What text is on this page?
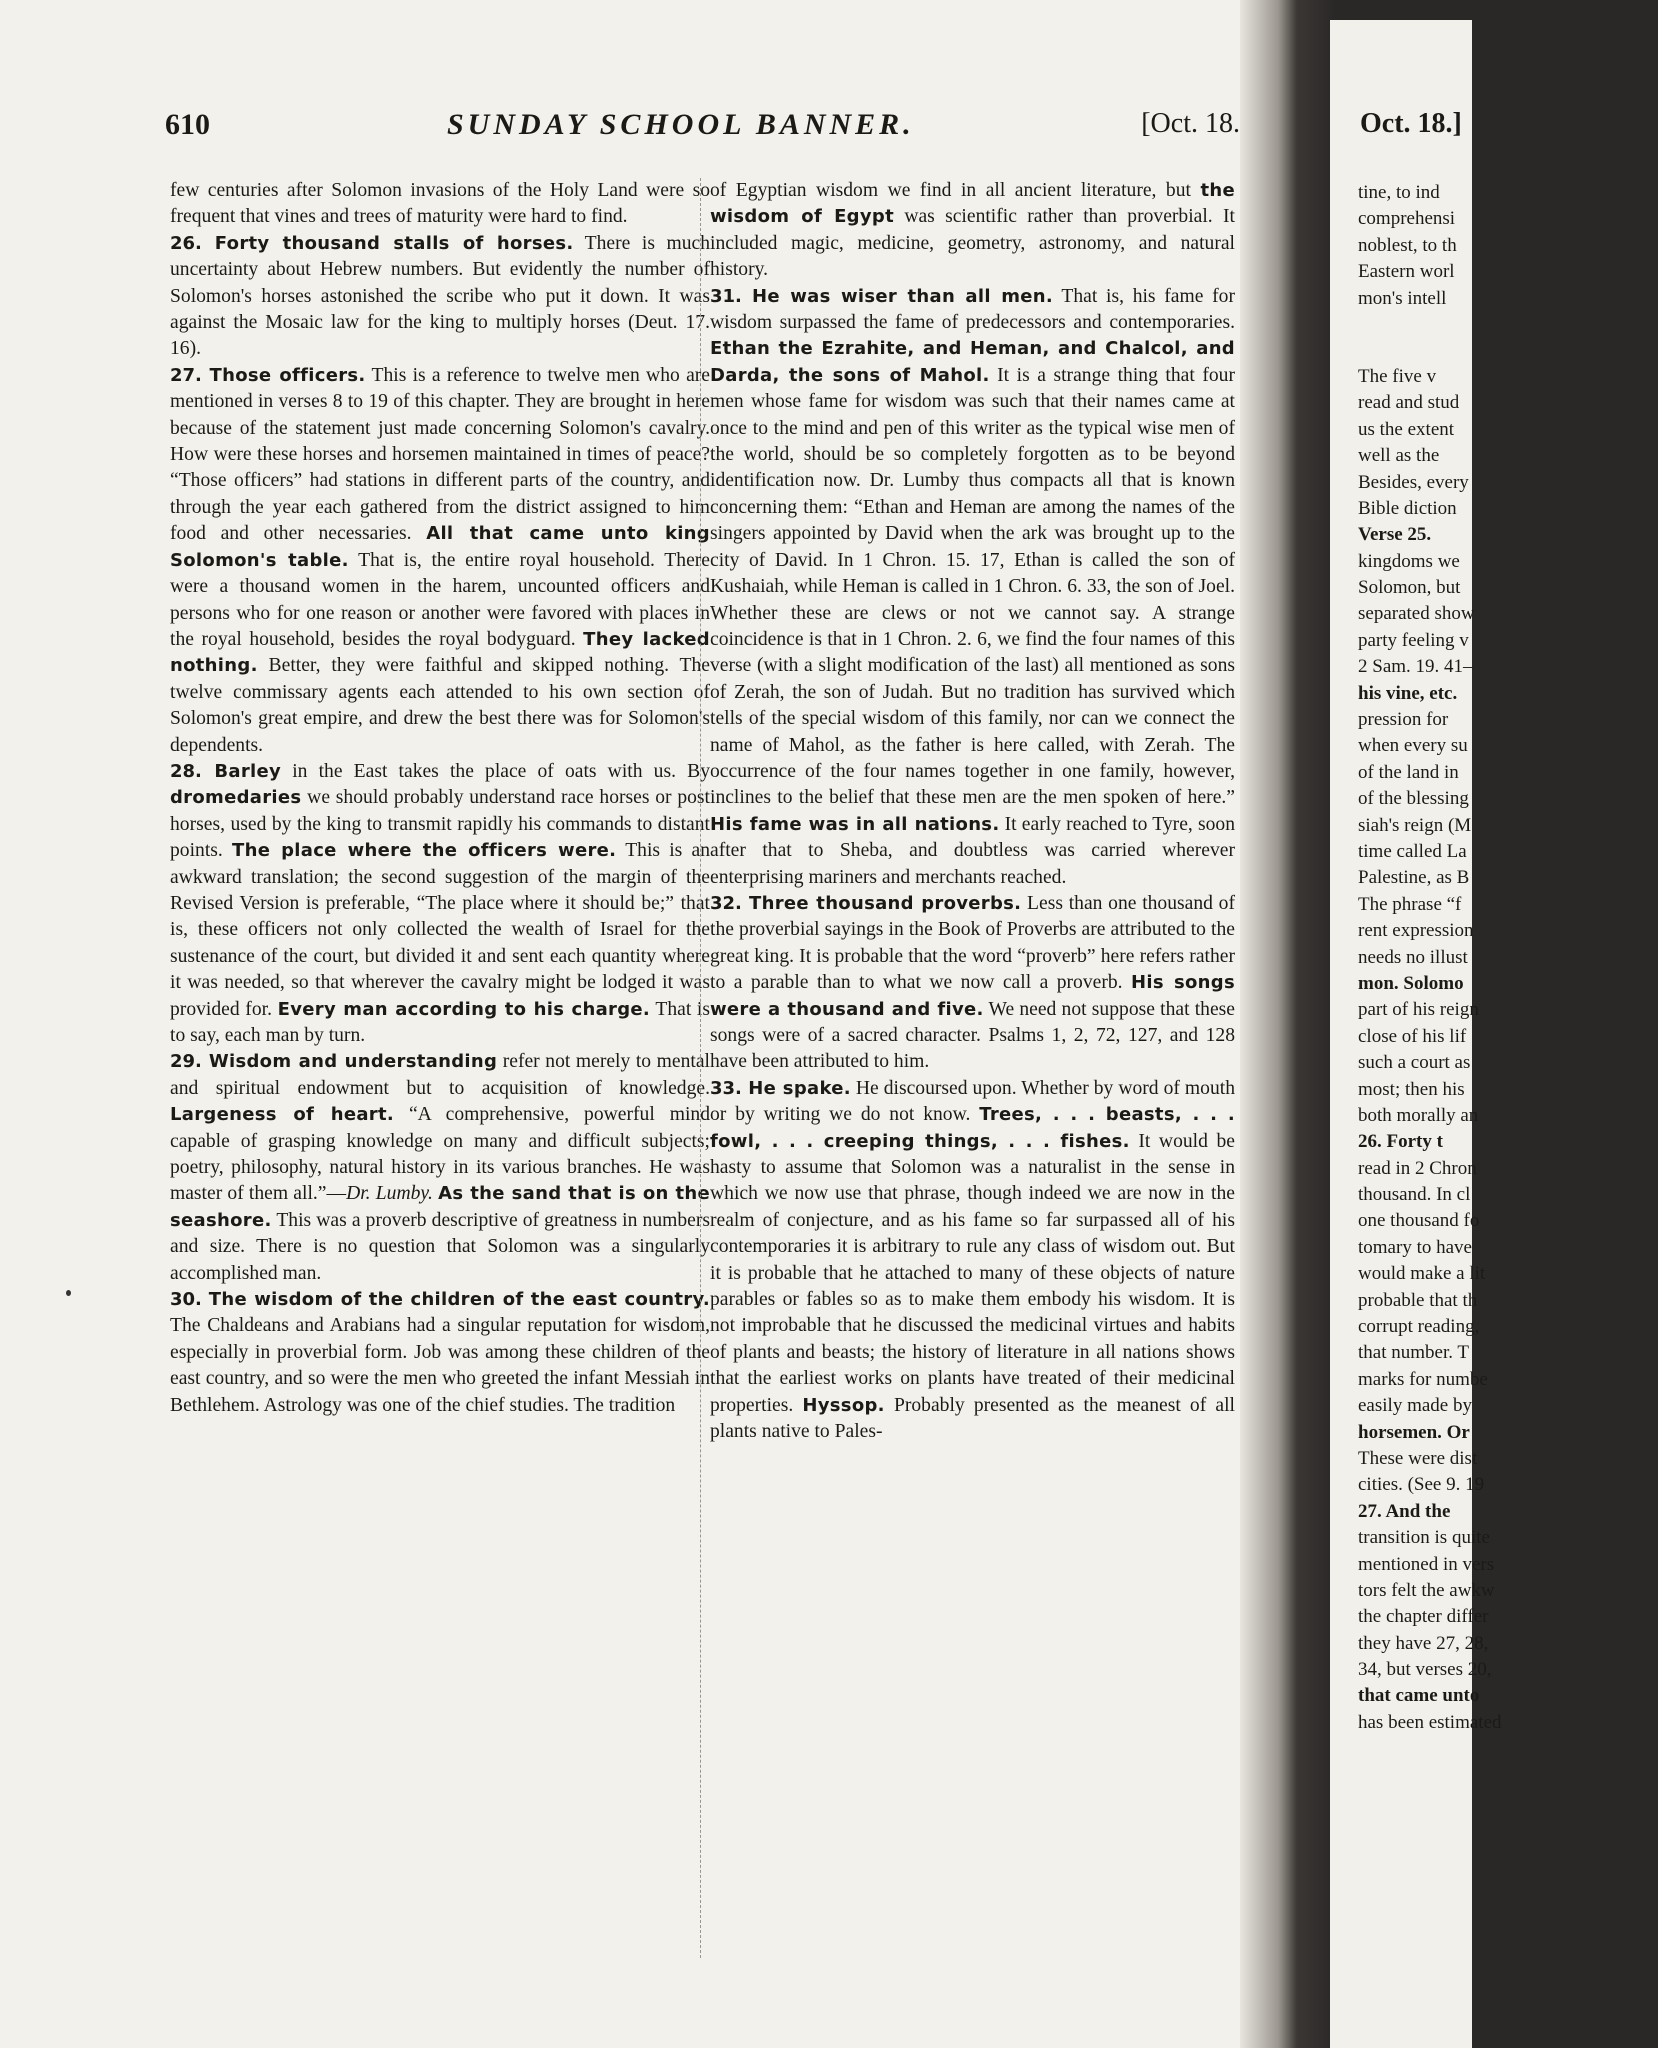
610	SUNDAY SCHOOL BANNER.	[Oct. 18.

few centuries after Solomon invasions of the Holy Land were so frequent that vines and trees of maturity were hard to find.

26. Forty thousand stalls of horses. There is much uncertainty about Hebrew numbers. But evidently the number of Solomon's horses astonished the scribe who put it down. It was against the Mosaic law for the king to multiply horses (Deut. 17. 16).

27. Those officers. This is a reference to twelve men who are mentioned in verses 8 to 19 of this chapter. They are brought in here because of the statement just made concerning Solomon's cavalry. How were these horses and horsemen maintained in times of peace? “Those officers” had stations in different parts of the country, and through the year each gathered from the district assigned to him food and other necessaries. All that came unto king Solomon's table. That is, the entire royal household. There were a thousand women in the harem, uncounted officers and persons who for one reason or another were favored with places in the royal household, besides the royal bodyguard. They lacked nothing. Better, they were faithful and skipped nothing. The twelve commissary agents each attended to his own section of Solomon's great empire, and drew the best there was for Solomon's dependents.

28. Barley in the East takes the place of oats with us. By dromedaries we should probably understand race horses or post horses, used by the king to transmit rapidly his commands to distant points. The place where the officers were. This is an awkward translation; the second suggestion of the margin of the Revised Version is preferable, “The place where it should be;” that is, these officers not only collected the wealth of Israel for the sustenance of the court, but divided it and sent each quantity where it was needed, so that wherever the cavalry might be lodged it was provided for. Every man according to his charge. That is to say, each man by turn.

29. Wisdom and understanding refer not merely to mental and spiritual endowment but to acquisition of knowledge. Largeness of heart. “A comprehensive, powerful mind capable of grasping knowledge on many and difficult subjects; poetry, philosophy, natural history in its various branches. He was master of them all.”—Dr. Lumby. As the sand that is on the seashore. This was a proverb descriptive of greatness in numbers and size. There is no question that Solomon was a singularly accomplished man.

30. The wisdom of the children of the east country. The Chaldeans and Arabians had a singular reputation for wisdom, especially in proverbial form. Job was among these children of the east country, and so were the men who greeted the infant Messiah in Bethlehem. Astrology was one of the chief studies. The tradition

of Egyptian wisdom we find in all ancient literature, but the wisdom of Egypt was scientific rather than proverbial. It included magic, medicine, geometry, astronomy, and natural history.

31. He was wiser than all men. That is, his fame for wisdom surpassed the fame of predecessors and contemporaries. Ethan the Ezrahite, and Heman, and Chalcol, and Darda, the sons of Mahol. It is a strange thing that four men whose fame for wisdom was such that their names came at once to the mind and pen of this writer as the typical wise men of the world, should be so completely forgotten as to be beyond identification now. Dr. Lumby thus compacts all that is known concerning them: “Ethan and Heman are among the names of the singers appointed by David when the ark was brought up to the city of David. In 1 Chron. 15. 17, Ethan is called the son of Kushaiah, while Heman is called in 1 Chron. 6. 33, the son of Joel. Whether these are clews or not we cannot say. A strange coincidence is that in 1 Chron. 2. 6, we find the four names of this verse (with a slight modification of the last) all mentioned as sons of Zerah, the son of Judah. But no tradition has survived which tells of the special wisdom of this family, nor can we connect the name of Mahol, as the father is here called, with Zerah. The occurrence of the four names together in one family, however, inclines to the belief that these men are the men spoken of here.” His fame was in all nations. It early reached to Tyre, soon after that to Sheba, and doubtless was carried wherever enterprising mariners and merchants reached.

32. Three thousand proverbs. Less than one thousand of the proverbial sayings in the Book of Proverbs are attributed to the great king. It is probable that the word “proverb” here refers rather to a parable than to what we now call a proverb. His songs were a thousand and five. We need not suppose that these songs were of a sacred character. Psalms 1, 2, 72, 127, and 128 have been attributed to him.

33. He spake. He discoursed upon. Whether by word of mouth or by writing we do not know. Trees, . . . beasts, . . . fowl, . . . creeping things, . . . fishes. It would be hasty to assume that Solomon was a naturalist in the sense in which we now use that phrase, though indeed we are now in the realm of conjecture, and as his fame so far surpassed all of his contemporaries it is arbitrary to rule any class of wisdom out. But it is probable that he attached to many of these objects of nature parables or fables so as to make them embody his wisdom. It is not improbable that he discussed the medicinal virtues and habits of plants and beasts; the history of literature in all nations shows that the earliest works on plants have treated of their medicinal properties. Hyssop. Probably presented as the meanest of all plants native to Pales-

Oct. 18.]
tine, to ind
comprehensi
noblest, to th
Eastern worl
mon's intell
The five v
read and stud
us the extent
well as the
Besides, every
Bible diction
Verse 25.
kingdoms we
Solomon, but
separated show
party feeling v
2 Sam. 19. 41–
his vine, etc.
pression for
when every su
of the land in
of the blessing
siah's reign (M
time called La
Palestine, as B
The phrase “f
rent expression
needs no illust
mon. Solomo
part of his reign
close of his lif
such a court as
most; then his
both morally an
26. Forty t
read in 2 Chron
thousand. In cl
one thousand fo
tomary to have
would make a lit
probable that th
corrupt reading,
that number. T
marks for numbe
easily made by
horsemen. Or
These were dist
cities. (See 9. 19
27. And the
transition is quite
mentioned in vers
tors felt the awkw
the chapter differ
they have 27, 28,
34, but verses 20,
that came unto
has been estimated
